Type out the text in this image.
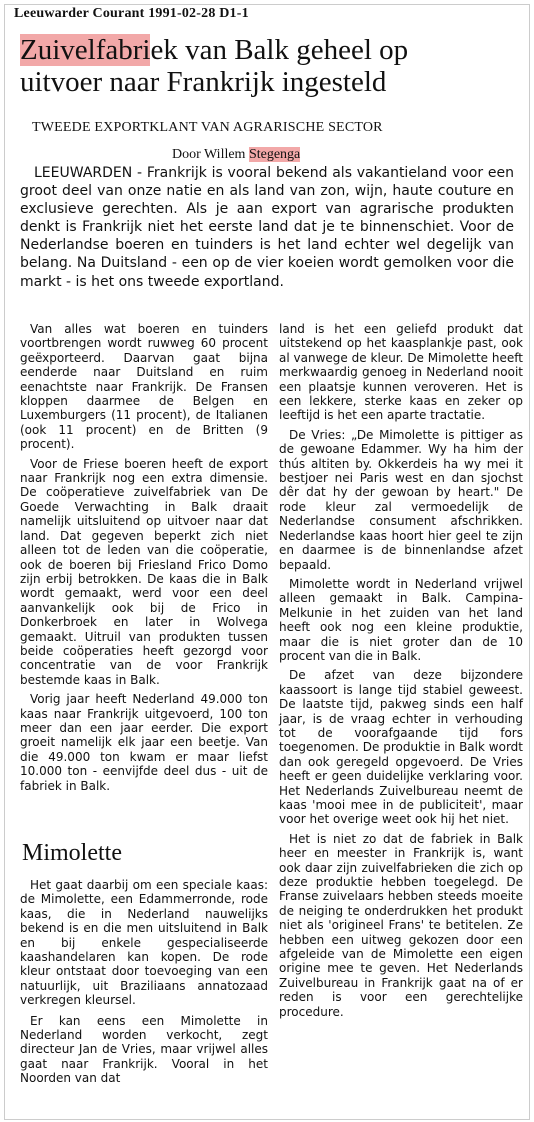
Leeuwarder Courant 1991-02-28 D1-1
Zuivelfabriek van Balk geheel op
uitvoer naar Frankrijk ingesteld
TWEEDE EXPORTKLANT VAN AGRARISCHE SECTOR
Door Willem Stegenga

LEEUWARDEN - Frankrijk is vooral bekend als vakantieland voor een groot deel van onze natie en als land van zon, wijn, haute couture en exclusieve gerechten. Als je aan export van agrarische produkten denkt is Frankrijk niet het eerste land dat je te binnenschiet. Voor de Nederlandse boeren en tuinders is het land echter wel degelijk van belang. Na Duitsland - een op de vier koeien wordt gemolken voor die markt - is het ons tweede exportland.

Van alles wat boeren en tuinders voortbrengen wordt ruwweg 60 procent geëxporteerd. Daarvan gaat bijna eenderde naar Duitsland en ruim eenachtste naar Frankrijk. De Fransen kloppen daarmee de Belgen en Luxemburgers (11 procent), de Italianen (ook 11 procent) en de Britten (9 procent).

Voor de Friese boeren heeft de export naar Frankrijk nog een extra dimensie. De coöperatieve zuivelfabriek van De Goede Verwachting in Balk draait namelijk uitsluitend op uitvoer naar dat land. Dat gegeven beperkt zich niet alleen tot de leden van die coöperatie, ook de boeren bij Friesland Frico Domo zijn erbij betrokken. De kaas die in Balk wordt gemaakt, werd voor een deel aanvankelijk ook bij de Frico in Donkerbroek en later in Wolvega gemaakt. Uitruil van produkten tussen beide coöperaties heeft gezorgd voor concentratie van de voor Frankrijk bestemde kaas in Balk.

Vorig jaar heeft Nederland 49.000 ton kaas naar Frankrijk uitgevoerd, 100 ton meer dan een jaar eerder. Die export groeit namelijk elk jaar een beetje. Van die 49.000 ton kwam er maar liefst 10.000 ton - eenvijfde deel dus - uit de fabriek in Balk.

Mimolette

Het gaat daarbij om een speciale kaas: de Mimolette, een Edammerronde, rode kaas, die in Nederland nauwelijks bekend is en die men uitsluitend in Balk en bij enkele gespecialiseerde kaashandelaren kan kopen. De rode kleur ontstaat door toevoeging van een natuurlijk, uit Braziliaans annatozaad verkregen kleursel.

Er kan eens een Mimolette in Nederland worden verkocht, zegt directeur Jan de Vries, maar vrijwel alles gaat naar Frankrijk. Vooral in het Noorden van dat

land is het een geliefd produkt dat uitstekend op het kaasplankje past, ook al vanwege de kleur. De Mimolette heeft merkwaardig genoeg in Nederland nooit een plaatsje kunnen veroveren. Het is een lekkere, sterke kaas en zeker op leeftijd is het een aparte tractatie.

De Vries: „De Mimolette is pittiger as de gewoane Edammer. Wy ha him der thús altiten by. Okkerdeis ha wy mei it bestjoer nei Paris west en dan sjochst dêr dat hy der gewoan by heart." De rode kleur zal vermoedelijk de Nederlandse consument afschrikken. Nederlandse kaas hoort hier geel te zijn en daarmee is de binnenlandse afzet bepaald.

Mimolette wordt in Nederland vrijwel alleen gemaakt in Balk. Campina-Melkunie in het zuiden van het land heeft ook nog een kleine produktie, maar die is niet groter dan de 10 procent van die in Balk.

De afzet van deze bijzondere kaassoort is lange tijd stabiel geweest. De laatste tijd, pakweg sinds een half jaar, is de vraag echter in verhouding tot de voorafgaande tijd fors toegenomen. De produktie in Balk wordt dan ook geregeld opgevoerd. De Vries heeft er geen duidelijke verklaring voor. Het Nederlands Zuivelbureau neemt de kaas 'mooi mee in de publiciteit', maar voor het overige weet ook hij het niet.

Het is niet zo dat de fabriek in Balk heer en meester in Frankrijk is, want ook daar zijn zuivelfabrieken die zich op deze produktie hebben toegelegd. De Franse zuivelaars hebben steeds moeite de neiging te onderdrukken het produkt niet als 'origineel Frans' te betitelen. Ze hebben een uitweg gekozen door een afgeleide van de Mimolette een eigen origine mee te geven. Het Nederlands Zuivelbureau in Frankrijk gaat na of er reden is voor een gerechtelijke procedure.
